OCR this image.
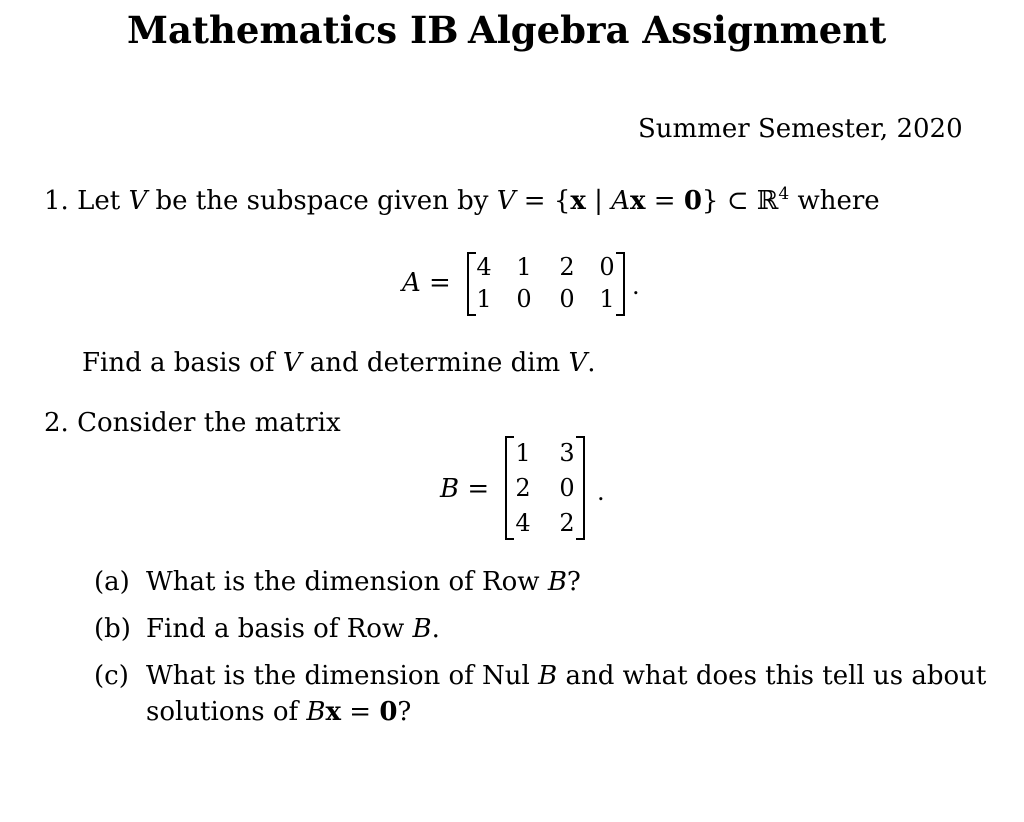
Mathematics IB Algebra Assignment
Summer Semester, 2020
1. Let V be the subspace given by V = {x | Ax = 0} ⊂ ℝ$^4$ where
A =
4 1 2 0
1 0 0 1 .
Find a basis of V and determine dim V.
2. Consider the matrix
B =
1 3
2 0
4 2
.
(a) What is the dimension of Row B?
(b) Find a basis of Row B.
(c) What is the dimension of Nul B and what does this tell us about
solutions of Bx = 0?
